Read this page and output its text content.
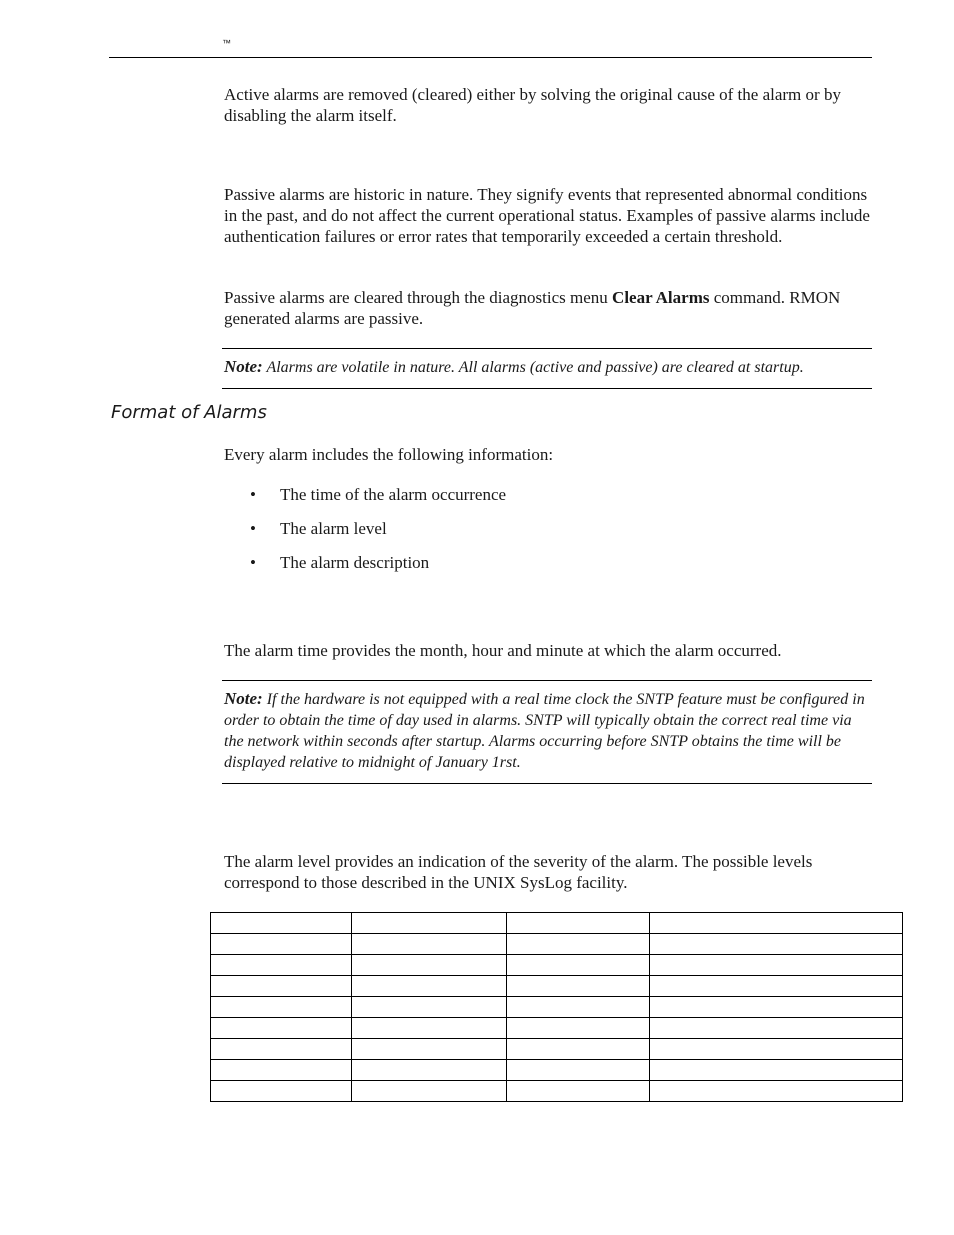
™

Active alarms are removed (cleared) either by solving the original cause of the alarm or by disabling the alarm itself.

Passive alarms are historic in nature. They signify events that represented abnormal conditions in the past, and do not affect the current operational status. Examples of passive alarms include authentication failures or error rates that temporarily exceeded a certain threshold.

Passive alarms are cleared through the diagnostics menu Clear Alarms command. RMON generated alarms are passive.

Note: Alarms are volatile in nature. All alarms (active and passive) are cleared at startup.
Format of Alarms

Every alarm includes the following information:

• The time of the alarm occurrence
• The alarm level
• The alarm description

The alarm time provides the month, hour and minute at which the alarm occurred.

Note: If the hardware is not equipped with a real time clock the SNTP feature must be configured in order to obtain the time of day used in alarms. SNTP will typically obtain the correct real time via the network within seconds after startup. Alarms occurring before SNTP obtains the time will be displayed relative to midnight of January 1rst.

The alarm level provides an indication of the severity of the alarm. The possible levels correspond to those described in the UNIX SysLog facility.
